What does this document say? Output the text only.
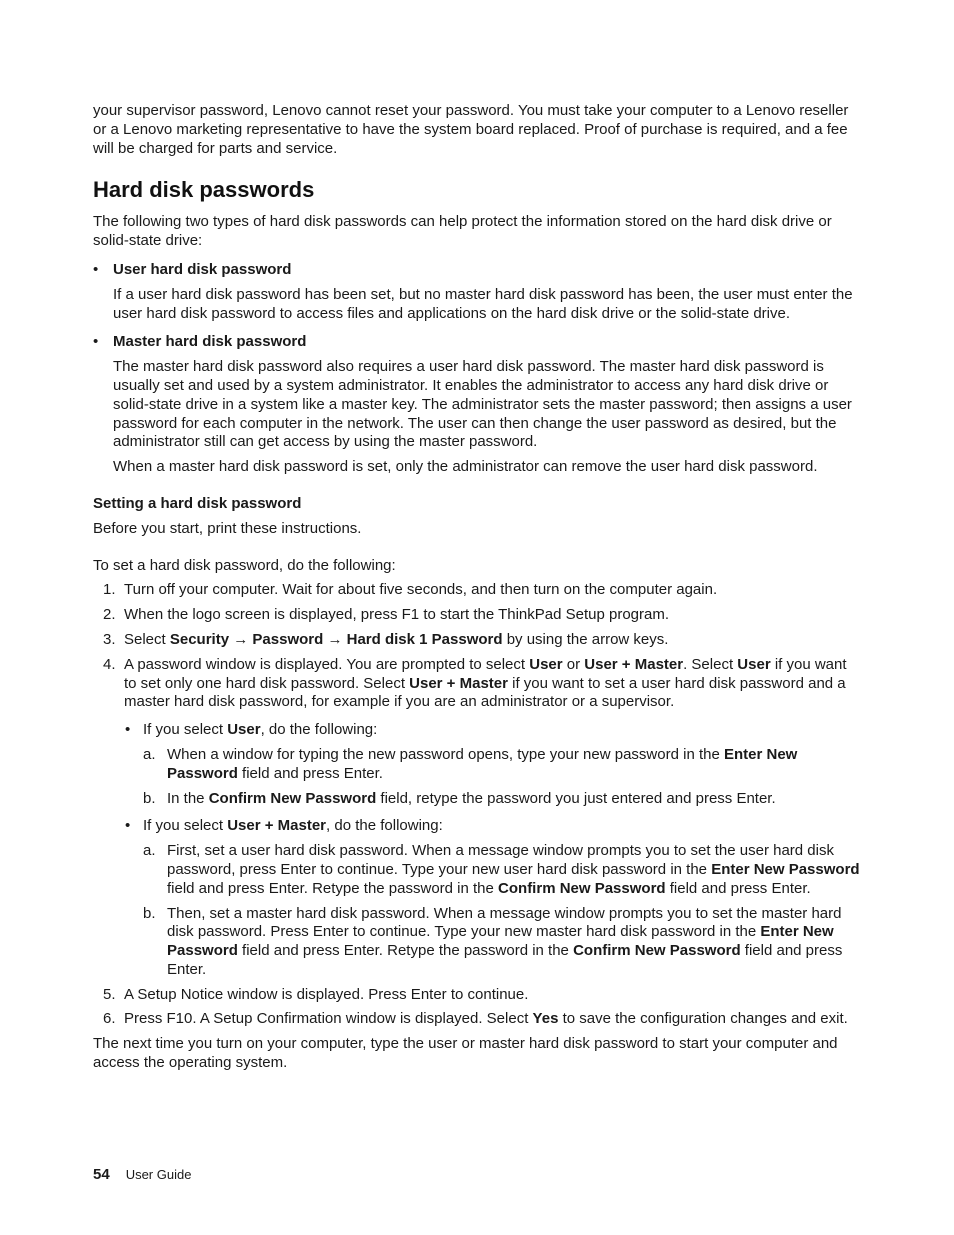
your supervisor password, Lenovo cannot reset your password. You must take your computer to a Lenovo reseller or a Lenovo marketing representative to have the system board replaced. Proof of purchase is required, and a fee will be charged for parts and service.

Hard disk passwords

The following two types of hard disk passwords can help protect the information stored on the hard disk drive or solid-state drive:

• User hard disk password

If a user hard disk password has been set, but no master hard disk password has been, the user must enter the user hard disk password to access files and applications on the hard disk drive or the solid-state drive.

• Master hard disk password

The master hard disk password also requires a user hard disk password. The master hard disk password is usually set and used by a system administrator. It enables the administrator to access any hard disk drive or solid-state drive in a system like a master key. The administrator sets the master password; then assigns a user password for each computer in the network. The user can then change the user password as desired, but the administrator still can get access by using the master password.

When a master hard disk password is set, only the administrator can remove the user hard disk password.

Setting a hard disk password

Before you start, print these instructions.

To set a hard disk password, do the following:

1. Turn off your computer. Wait for about five seconds, and then turn on the computer again.
2. When the logo screen is displayed, press F1 to start the ThinkPad Setup program.
3. Select Security → Password → Hard disk 1 Password by using the arrow keys.
4. A password window is displayed. You are prompted to select User or User + Master. Select User if you want to set only one hard disk password. Select User + Master if you want to set a user hard disk password and a master hard disk password, for example if you are an administrator or a supervisor.
• If you select User, do the following:
a. When a window for typing the new password opens, type your new password in the Enter New Password field and press Enter.
b. In the Confirm New Password field, retype the password you just entered and press Enter.
• If you select User + Master, do the following:
a. First, set a user hard disk password. When a message window prompts you to set the user hard disk password, press Enter to continue. Type your new user hard disk password in the Enter New Password field and press Enter. Retype the password in the Confirm New Password field and press Enter.
b. Then, set a master hard disk password. When a message window prompts you to set the master hard disk password. Press Enter to continue. Type your new master hard disk password in the Enter New Password field and press Enter. Retype the password in the Confirm New Password field and press Enter.
5. A Setup Notice window is displayed. Press Enter to continue.
6. Press F10. A Setup Confirmation window is displayed. Select Yes to save the configuration changes and exit.

The next time you turn on your computer, type the user or master hard disk password to start your computer and access the operating system.

54 User Guide
